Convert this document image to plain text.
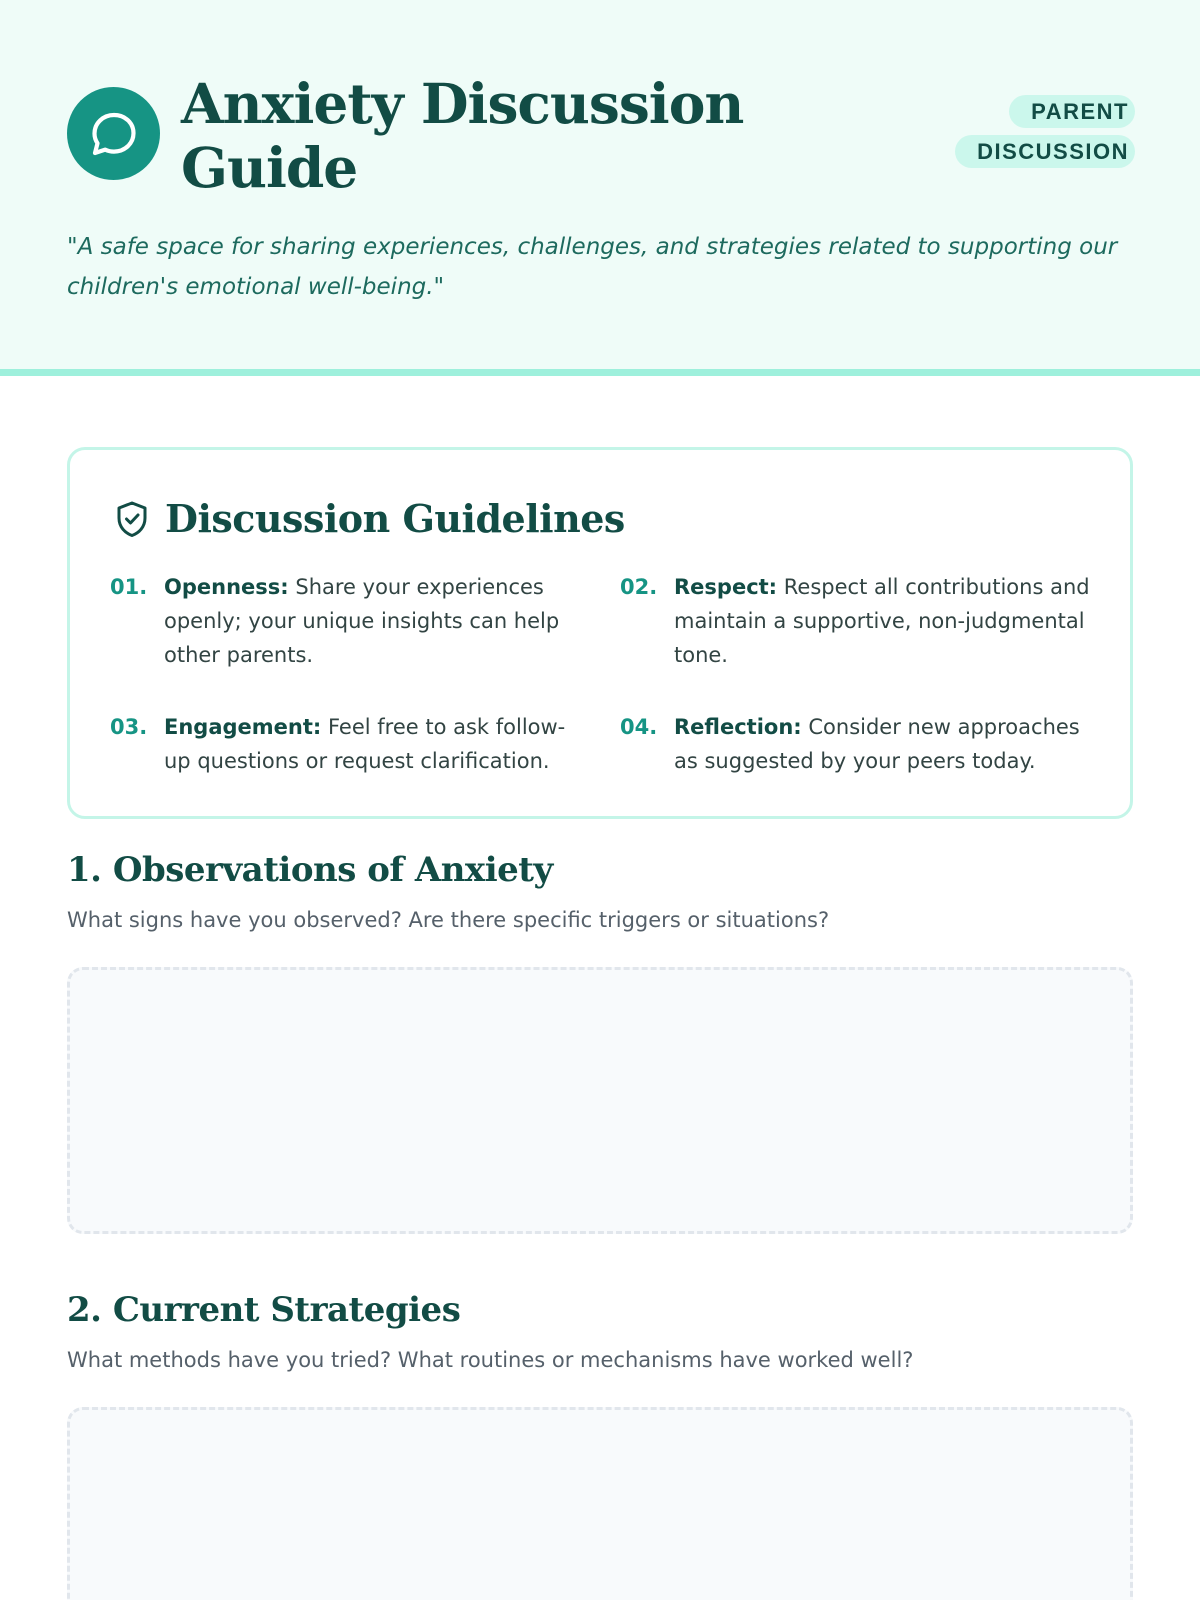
Anxiety Discussion Guide
PARENT DISCUSSION

"A safe space for sharing experiences, challenges, and strategies related to supporting our children's emotional well-being."

Discussion Guidelines
01. Openness: Share your experiences openly; your unique insights can help other parents.
02. Respect: Respect all contributions and maintain a supportive, non-judgmental tone.
03. Engagement: Feel free to ask follow-up questions or request clarification.
04. Reflection: Consider new approaches as suggested by your peers today.
1. Observations of Anxiety

What signs have you observed? Are there specific triggers or situations?

2. Current Strategies

What methods have you tried? What routines or mechanisms have worked well?
